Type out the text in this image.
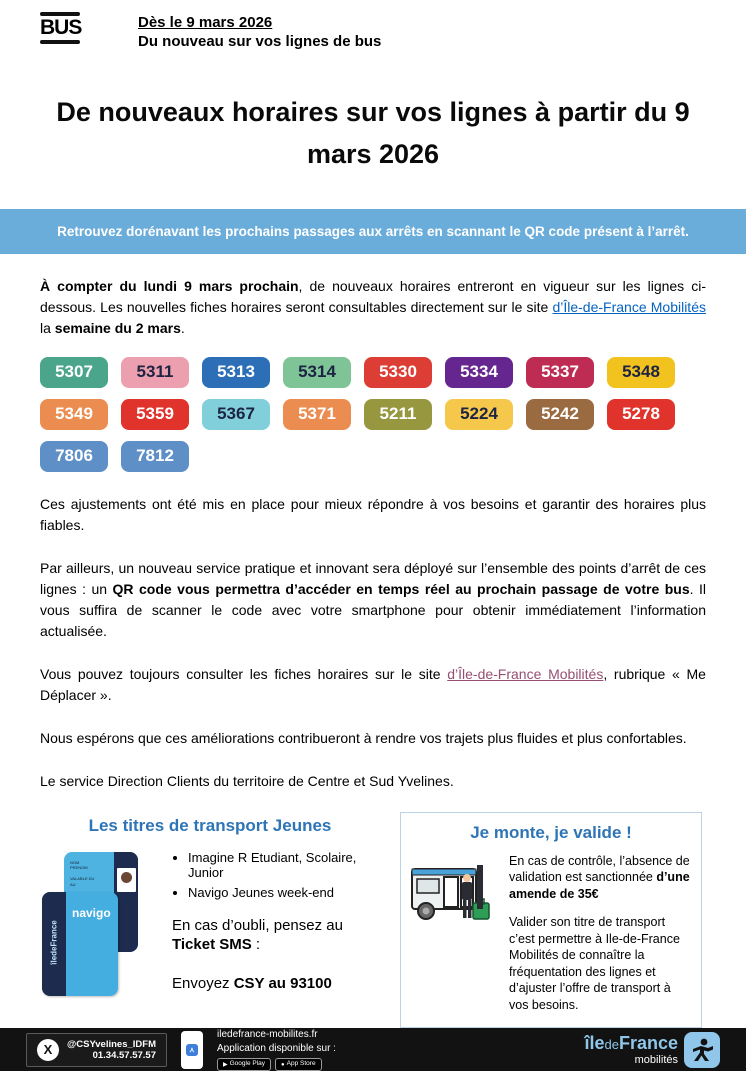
BUS	Dès le 9 mars 2026
Du nouveau sur vos lignes de bus
De nouveaux horaires sur vos lignes à partir du 9 mars 2026
Retrouvez dorénavant les prochains passages aux arrêts en scannant le QR code présent à l’arrêt.

À compter du lundi 9 mars prochain, de nouveaux horaires entreront en vigueur sur les lignes ci-dessous. Les nouvelles fiches horaires seront consultables directement sur le site d’Île-de-France Mobilités la semaine du 2 mars.

5307	5311	5313	5314	5330	5334	5337	5348
5349	5359	5367	5371	5211	5224	5242	5278
7806	7812

Ces ajustements ont été mis en place pour mieux répondre à vos besoins et garantir des horaires plus fiables.

Par ailleurs, un nouveau service pratique et innovant sera déployé sur l’ensemble des points d’arrêt de ces lignes : un QR code vous permettra d’accéder en temps réel au prochain passage de votre bus. Il vous suffira de scanner le code avec votre smartphone pour obtenir immédiatement l’information actualisée.

Vous pouvez toujours consulter les fiches horaires sur le site d’Île-de-France Mobilités, rubrique « Me Déplacer ».

Nous espérons que ces améliorations contribueront à rendre vos trajets plus fluides et plus confortables.

Le service Direction Clients du territoire de Centre et Sud Yvelines.

Les titres de transport Jeunes
NOM
PRENOM

VALABLE DU
AU
îledeFrance
navigo
• Imagine R Etudiant, Scolaire, Junior
• Navigo Jeunes week-end
En cas d’oubli, pensez au Ticket SMS :
Envoyez CSY au 93100
Je monte, je valide !
En cas de contrôle, l’absence de validation est sanctionnée d’une amende de 35€
Valider son titre de transport c’est permettre à Ile-de-France Mobilités de connaître la fréquentation des lignes et d’ajuster l’offre de transport à vos besoins.
X	@CSYvelines_IDFM
01.34.57.57.57	⋏
iledefrance-mobilites.fr
Application disponible sur :
▶ Google Play	● App Store
îledeFrance
mobilités
